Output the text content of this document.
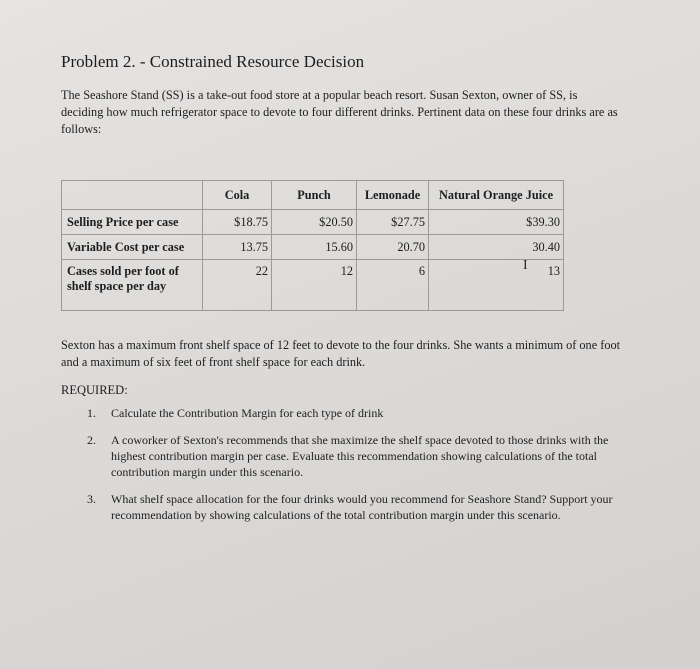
Problem 2. - Constrained Resource Decision
The Seashore Stand (SS) is a take-out food store at a popular beach resort. Susan Sexton, owner of SS, is deciding how much refrigerator space to devote to four different drinks. Pertinent data on these four drinks are as follows:
	Cola	Punch	Lemonade	Natural Orange Juice
Selling Price per case	$18.75	$20.50	$27.75	$39.30
Variable Cost per case	13.75	15.60	20.70	30.40
Cases sold per foot of
shelf space per day	22	12	6	13
I
Sexton has a maximum front shelf space of 12 feet to devote to the four drinks. She wants a minimum of one foot and a maximum of six feet of front shelf space for each drink.
REQUIRED:
1. Calculate the Contribution Margin for each type of drink
2. A coworker of Sexton's recommends that she maximize the shelf space devoted to those drinks with the highest contribution margin per case. Evaluate this recommendation showing calculations of the total contribution margin under this scenario.
3. What shelf space allocation for the four drinks would you recommend for Seashore Stand? Support your recommendation by showing calculations of the total contribution margin under this scenario.
